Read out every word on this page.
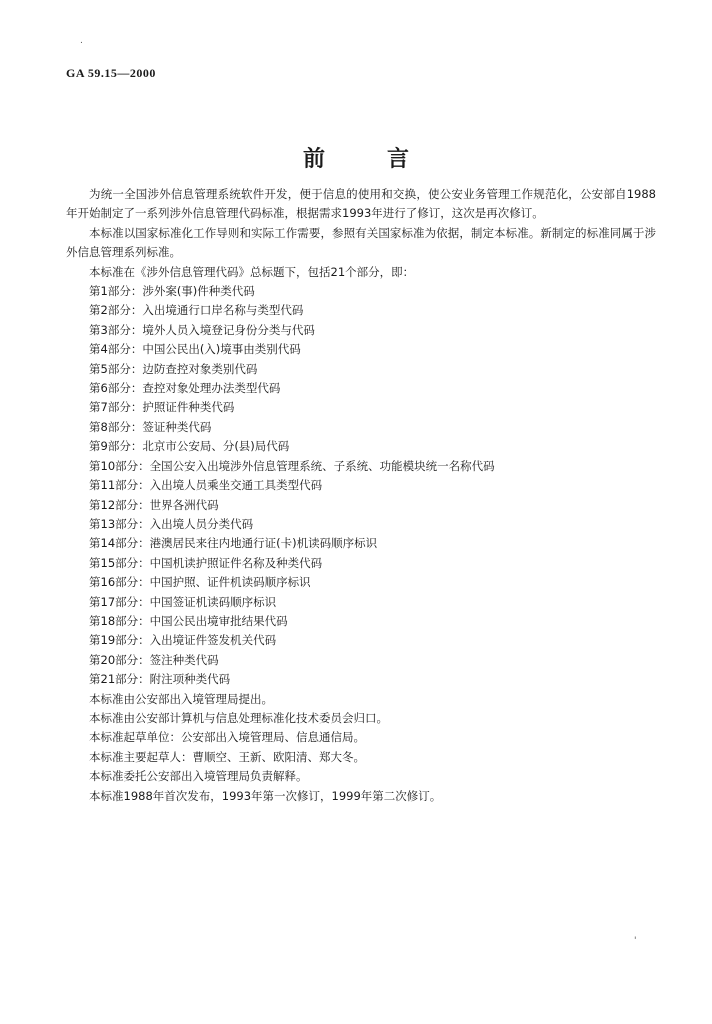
.
GA 59.15—2000
前言

为统一全国涉外信息管理系统软件开发，便于信息的使用和交换，使公安业务管理工作规范化，公安部自1988年开始制定了一系列涉外信息管理代码标准，根据需求1993年进行了修订，这次是再次修订。

本标准以国家标准化工作导则和实际工作需要，参照有关国家标准为依据，制定本标准。新制定的标准同属于涉外信息管理系列标准。

本标准在《涉外信息管理代码》总标题下，包括21个部分，即：

第1部分：涉外案(事)件种类代码
第2部分：入出境通行口岸名称与类型代码
第3部分：境外人员入境登记身份分类与代码
第4部分：中国公民出(入)境事由类别代码
第5部分：边防查控对象类别代码
第6部分：查控对象处理办法类型代码
第7部分：护照证件种类代码
第8部分：签证种类代码
第9部分：北京市公安局、分(县)局代码
第10部分：全国公安入出境涉外信息管理系统、子系统、功能模块统一名称代码
第11部分：入出境人员乘坐交通工具类型代码
第12部分：世界各洲代码
第13部分：入出境人员分类代码
第14部分：港澳居民来往内地通行证(卡)机读码顺序标识
第15部分：中国机读护照证件名称及种类代码
第16部分：中国护照、证件机读码顺序标识
第17部分：中国签证机读码顺序标识
第18部分：中国公民出境审批结果代码
第19部分：入出境证件签发机关代码
第20部分：签注种类代码
第21部分：附注项种类代码
本标准由公安部出入境管理局提出。
本标准由公安部计算机与信息处理标准化技术委员会归口。
本标准起草单位：公安部出入境管理局、信息通信局。
本标准主要起草人：曹顺空、王新、欧阳清、郑大冬。
本标准委托公安部出入境管理局负责解释。
本标准1988年首次发布，1993年第一次修订，1999年第二次修订。
'
